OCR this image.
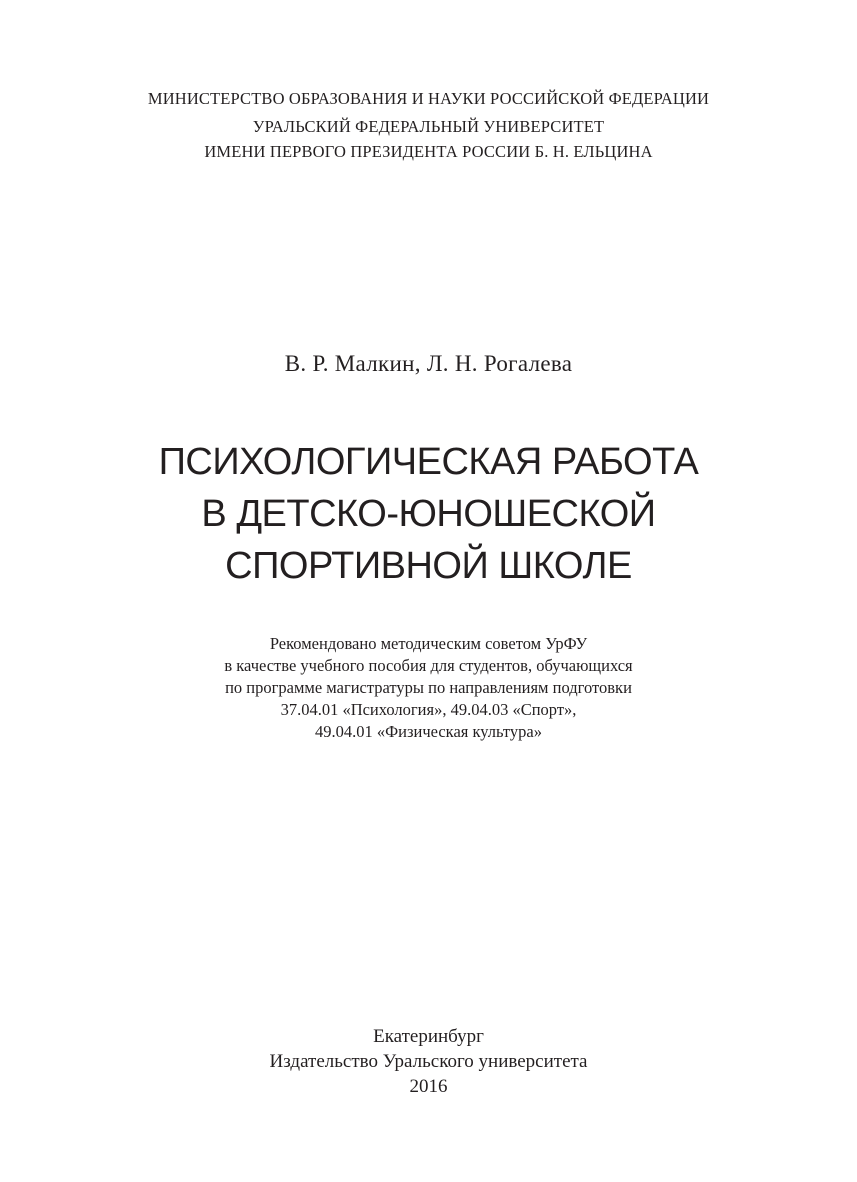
МИНИСТЕРСТВО ОБРАЗОВАНИЯ И НАУКИ РОССИЙСКОЙ ФЕДЕРАЦИИ
УРАЛЬСКИЙ ФЕДЕРАЛЬНЫЙ УНИВЕРСИТЕТ
ИМЕНИ ПЕРВОГО ПРЕЗИДЕНТА РОССИИ Б. Н. ЕЛЬЦИНА
В. Р. Малкин, Л. Н. Рогалева
ПСИХОЛОГИЧЕСКАЯ РАБОТА
В ДЕТСКО-ЮНОШЕСКОЙ
СПОРТИВНОЙ ШКОЛЕ
Рекомендовано методическим советом УрФУ
в качестве учебного пособия для студентов, обучающихся
по программе магистратуры по направлениям подготовки
37.04.01 «Психология», 49.04.03 «Спорт»,
49.04.01 «Физическая культура»
Екатеринбург
Издательство Уральского университета
2016
